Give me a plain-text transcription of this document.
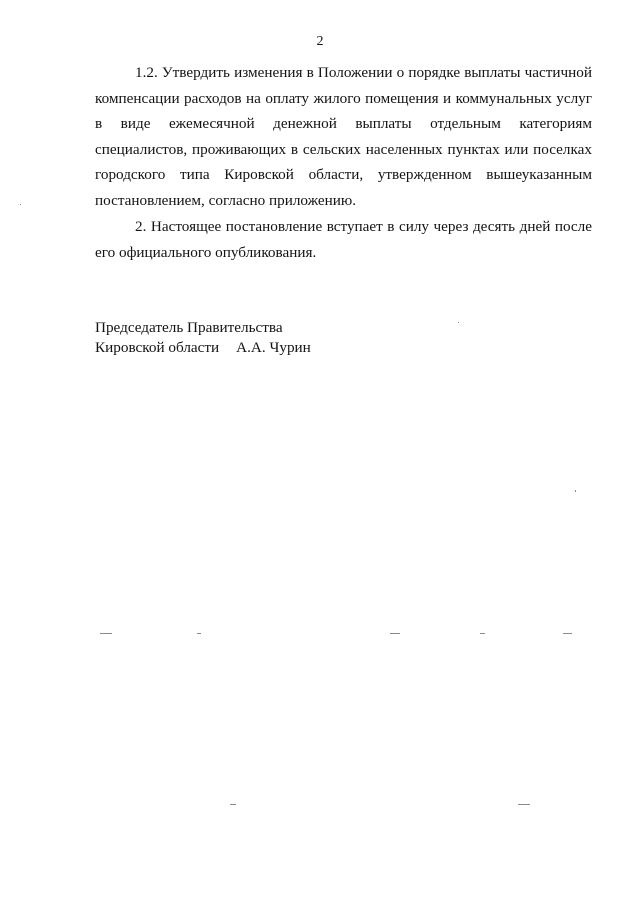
2

1.2. Утвердить изменения в Положении о порядке выплаты частичной компенсации расходов на оплату жилого помещения и коммунальных услуг в виде ежемесячной денежной выплаты отдельным категориям специалистов, проживающих в сельских населенных пунктах или поселках городского типа Кировской области, утвержденном вышеуказанным постановлением, согласно приложению.

2. Настоящее постановление вступает в силу через десять дней после его официального опубликования.

Председатель Правительства
Кировской области А.А. Чурин
